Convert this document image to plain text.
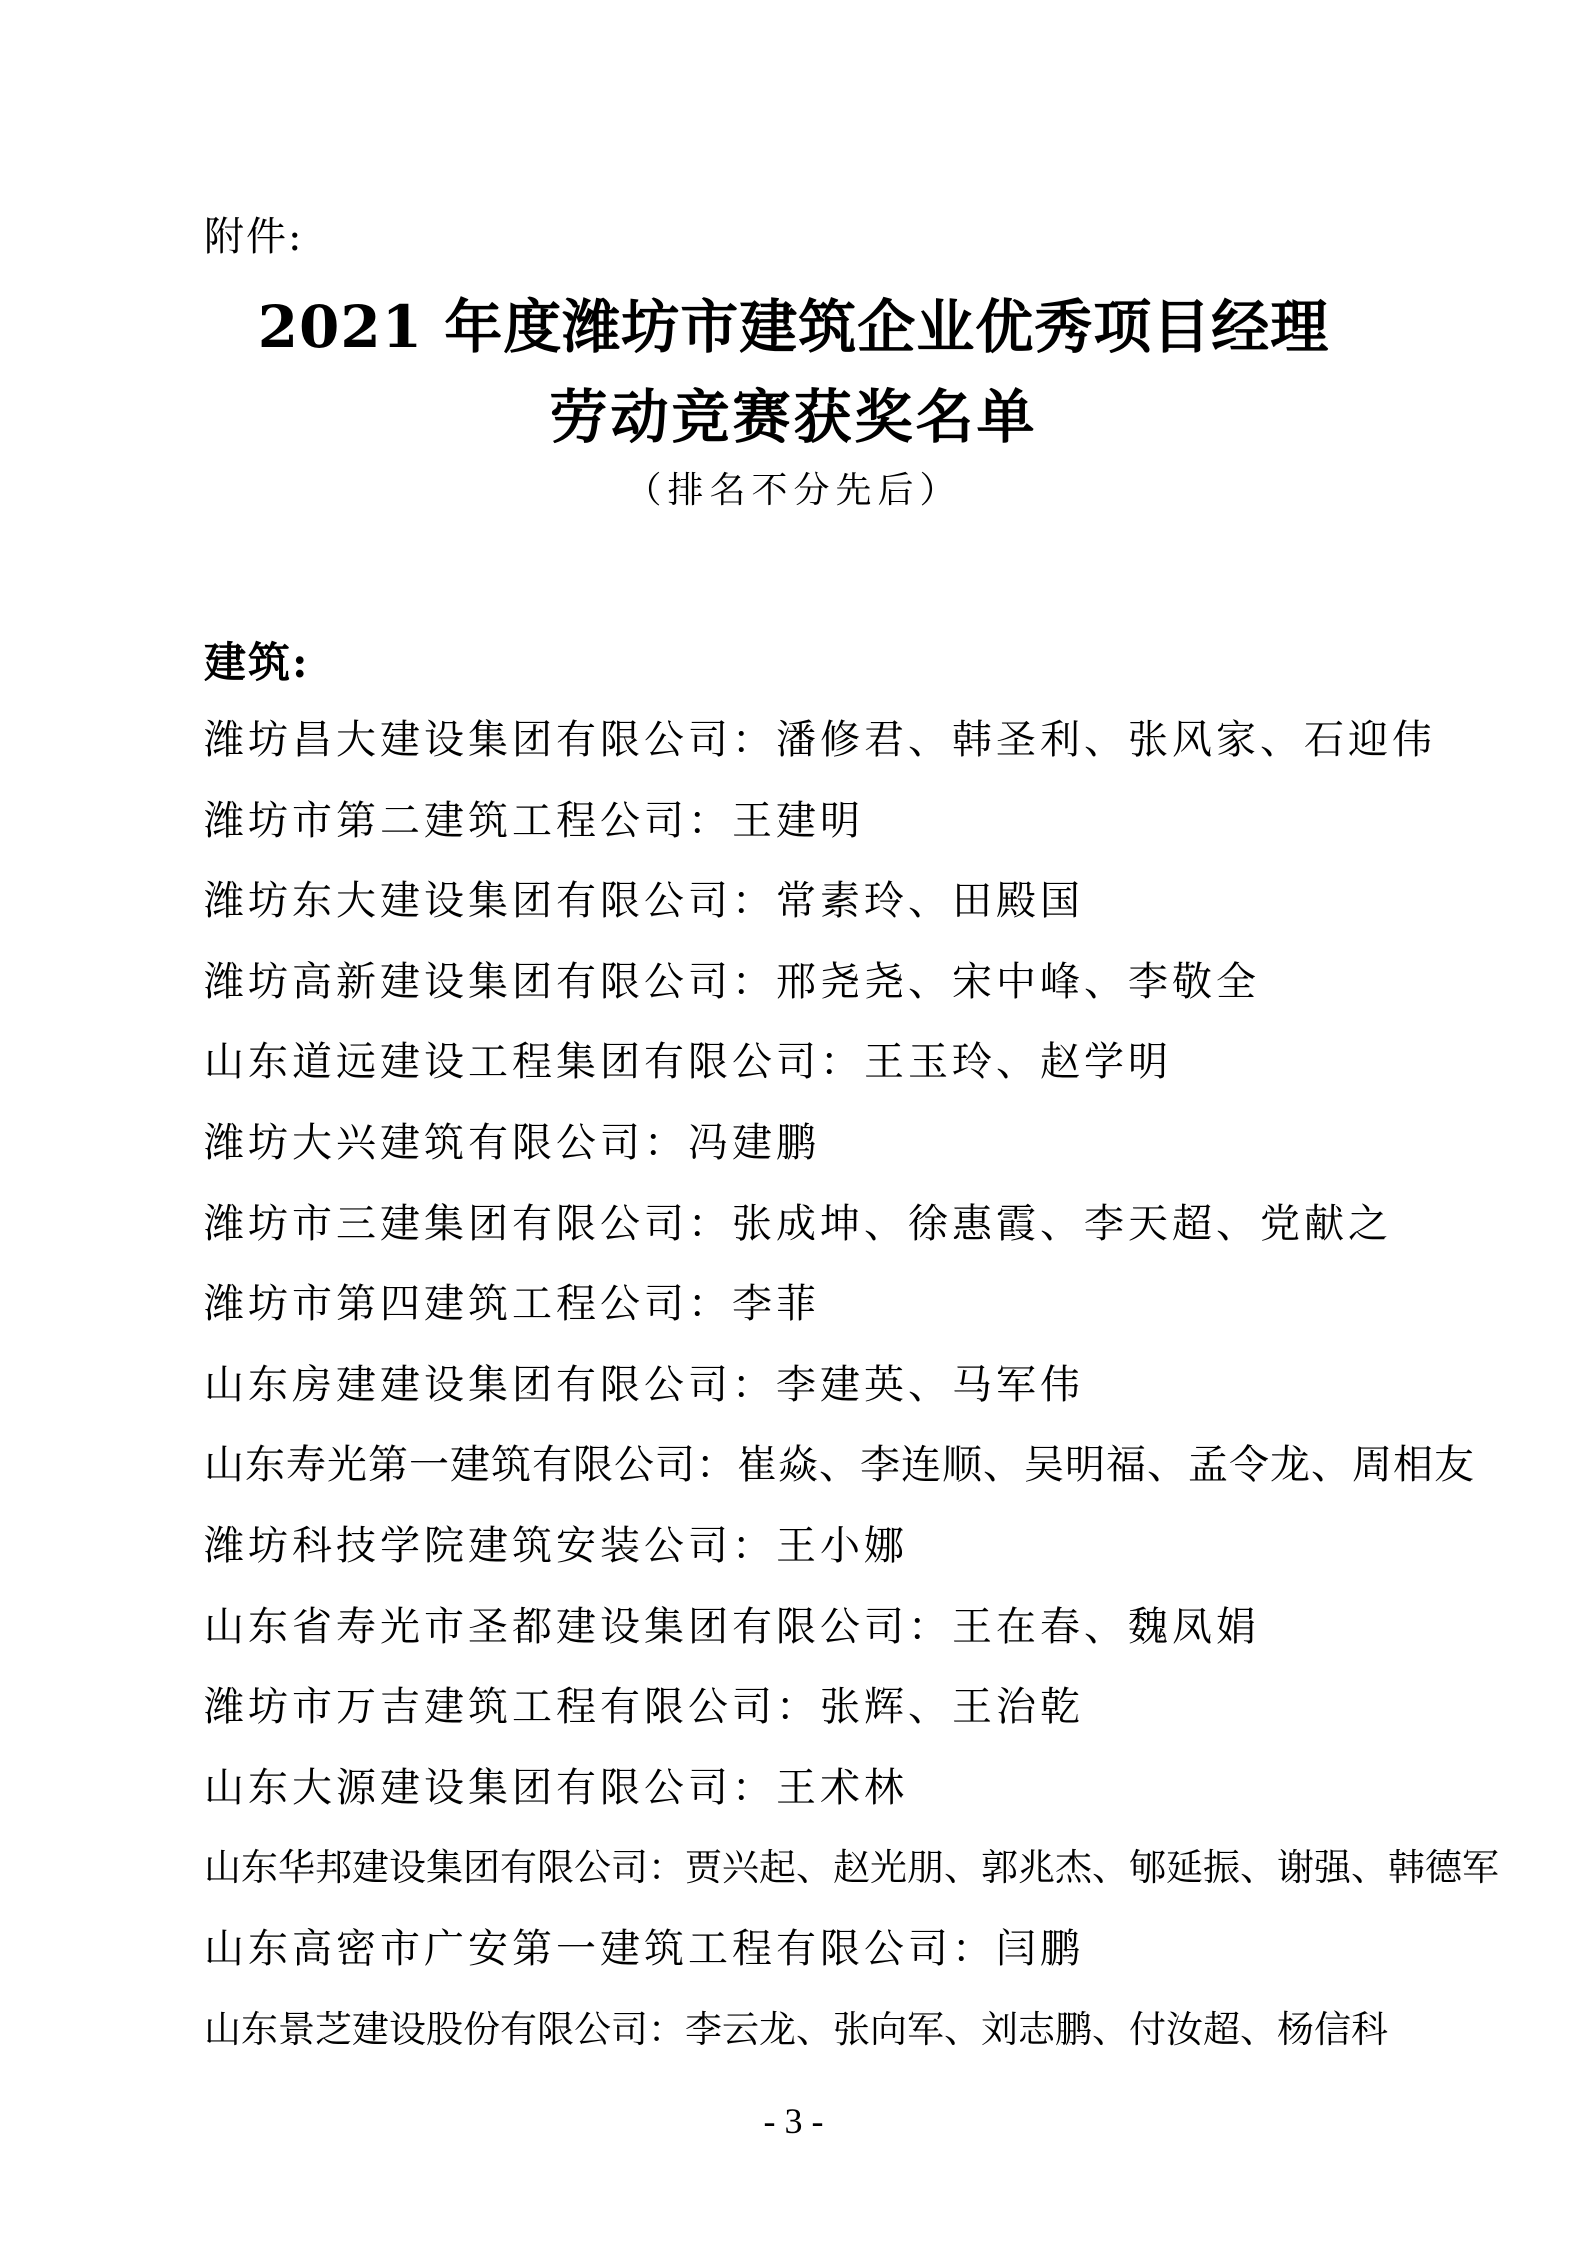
附件:
2021 年度潍坊市建筑企业优秀项目经理
劳动竞赛获奖名单
（排名不分先后）
建筑:
潍坊昌大建设集团有限公司：潘修君、韩圣利、张风家、石迎伟
潍坊市第二建筑工程公司：王建明
潍坊东大建设集团有限公司：常素玲、田殿国
潍坊高新建设集团有限公司：邢尧尧、宋中峰、李敬全
山东道远建设工程集团有限公司：王玉玲、赵学明
潍坊大兴建筑有限公司：冯建鹏
潍坊市三建集团有限公司：张成坤、徐惠霞、李天超、党献之
潍坊市第四建筑工程公司：李菲
山东房建建设集团有限公司：李建英、马军伟
山东寿光第一建筑有限公司：崔焱、李连顺、吴明福、孟令龙、周相友
潍坊科技学院建筑安装公司：王小娜
山东省寿光市圣都建设集团有限公司：王在春、魏凤娟
潍坊市万吉建筑工程有限公司：张辉、王治乾
山东大源建设集团有限公司：王术林
山东华邦建设集团有限公司：贾兴起、赵光朋、郭兆杰、郇延振、谢强、韩德军
山东高密市广安第一建筑工程有限公司：闫鹏
山东景芝建设股份有限公司：李云龙、张向军、刘志鹏、付汝超、杨信科
- 3 -
